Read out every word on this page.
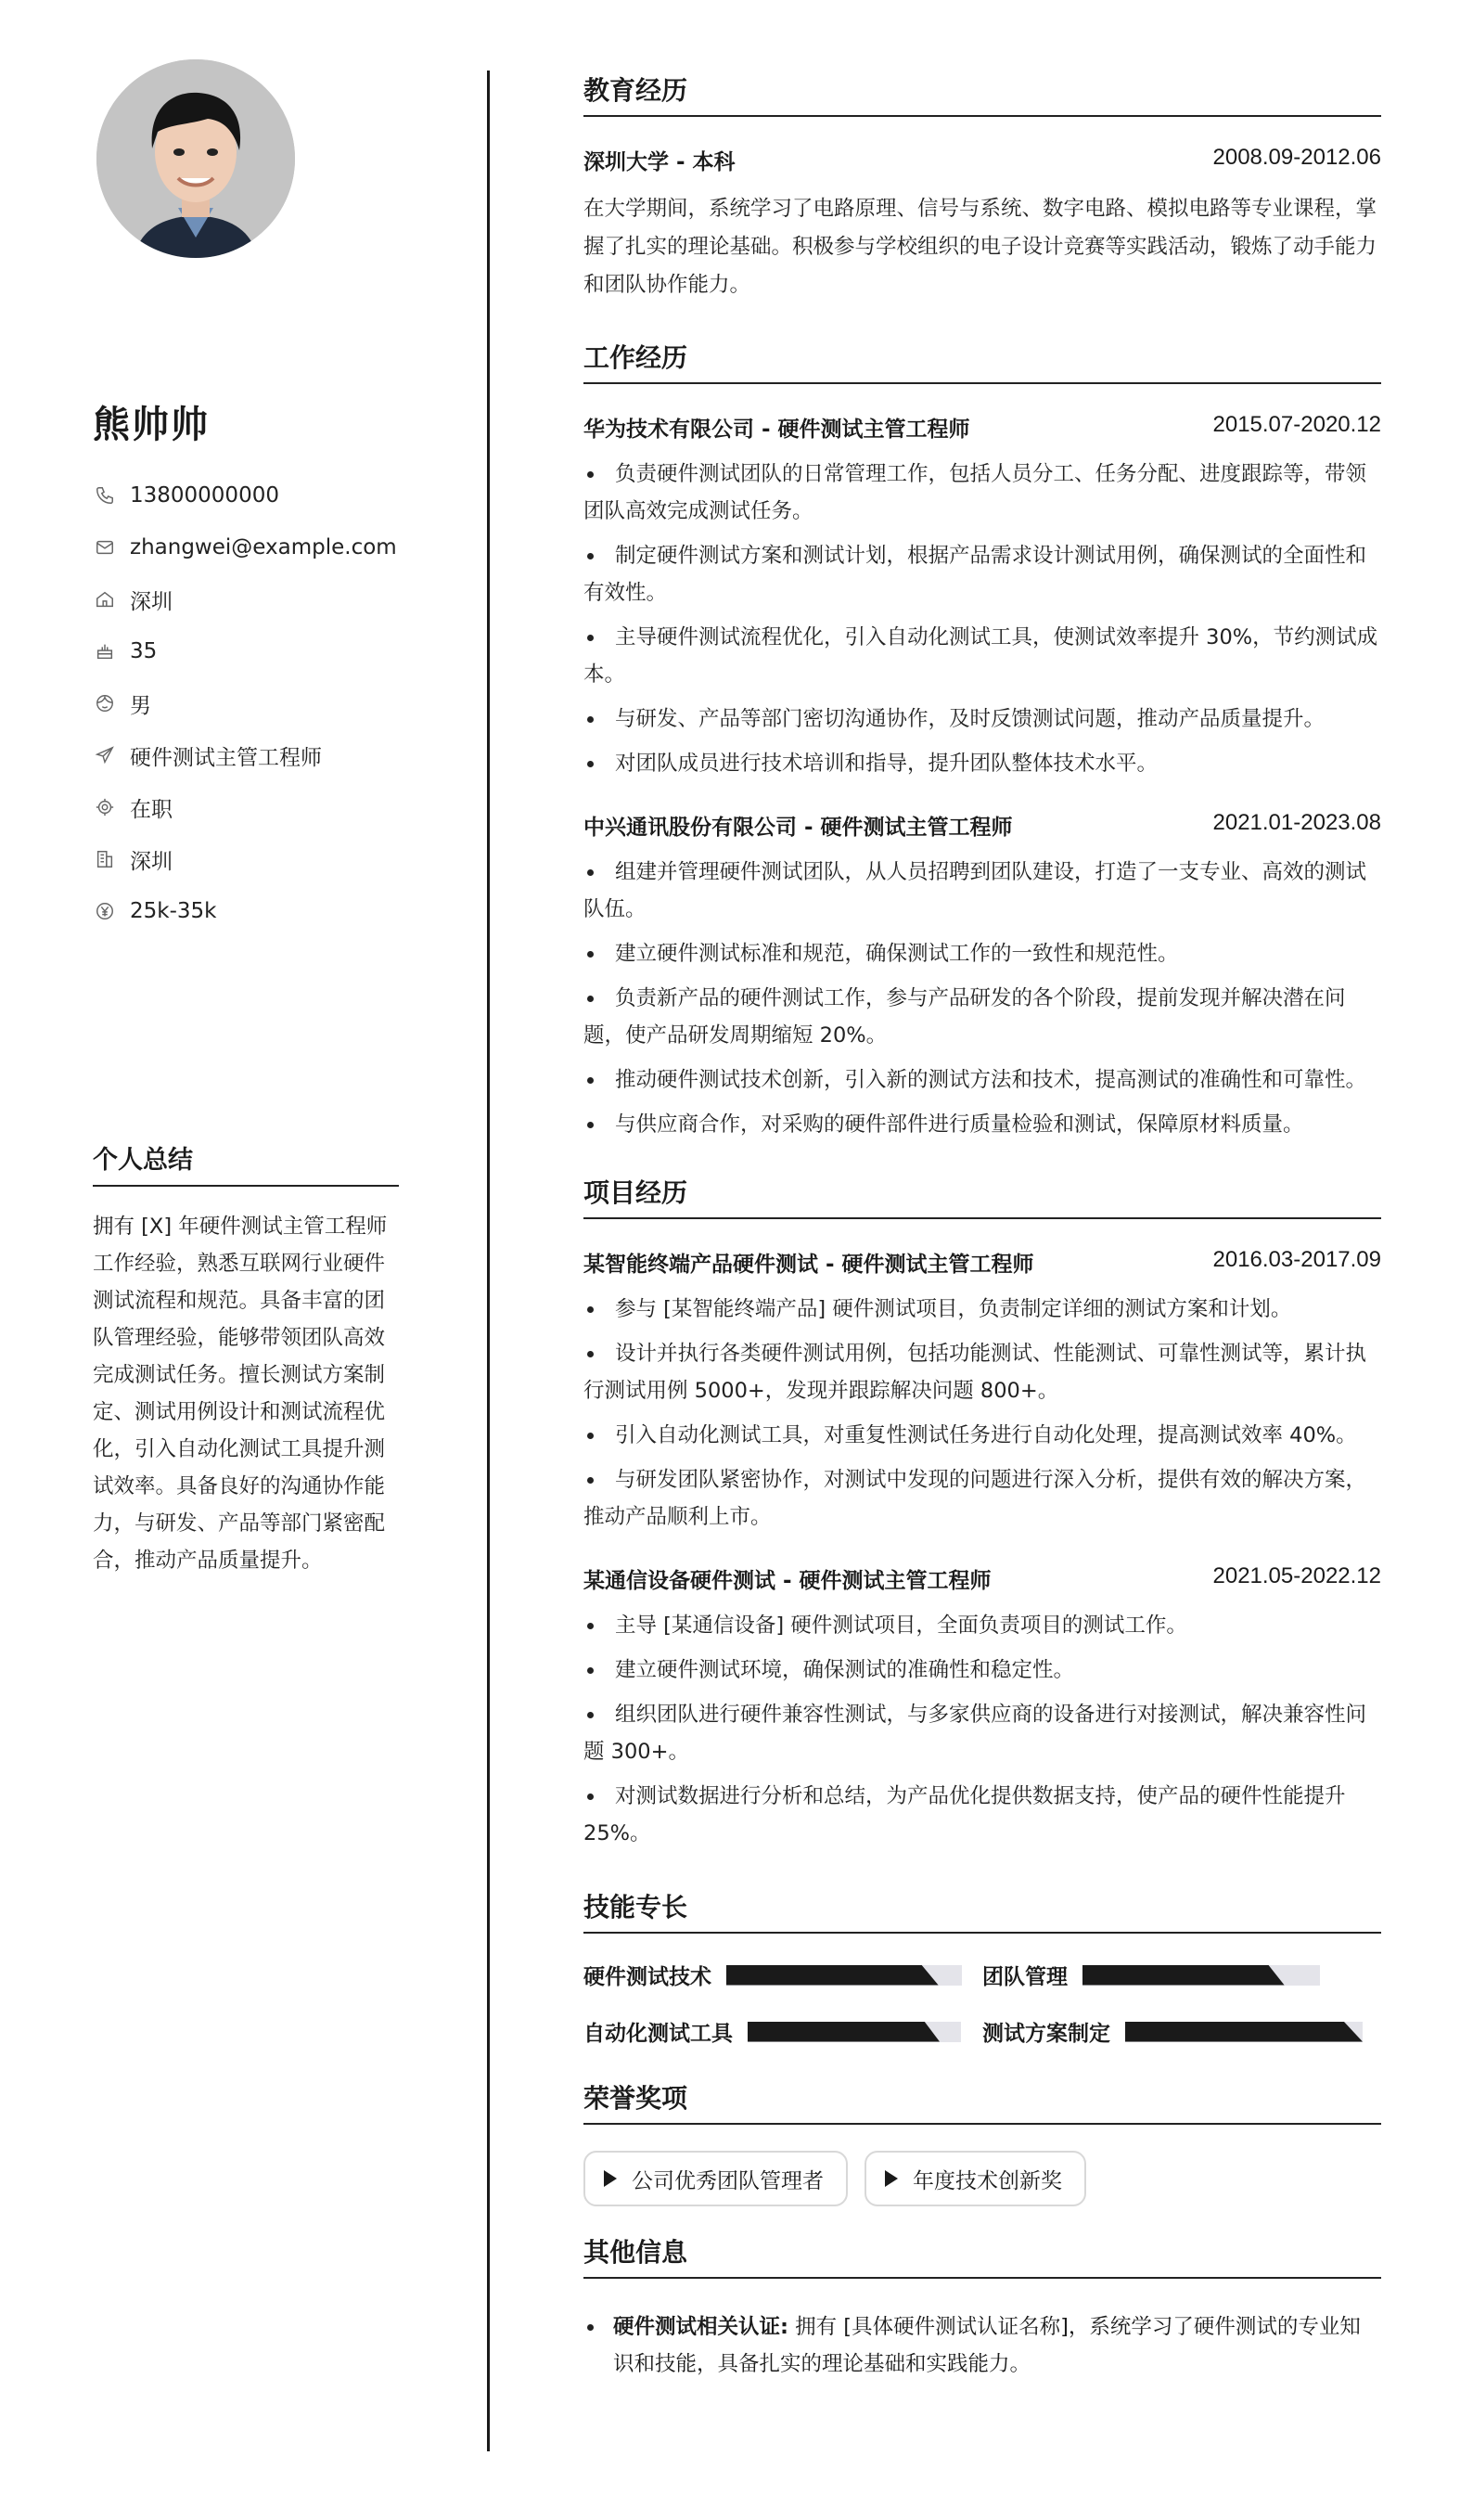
熊帅帅
13800000000
zhangwei@example.com
深圳
35
男
硬件测试主管工程师
在职
深圳
25k-35k
个人总结
拥有 [X] 年硬件测试主管工程师工作经验，熟悉互联网行业硬件测试流程和规范。具备丰富的团队管理经验，能够带领团队高效完成测试任务。擅长测试方案制定、测试用例设计和测试流程优化，引入自动化测试工具提升测试效率。具备良好的沟通协作能力，与研发、产品等部门紧密配合，推动产品质量提升。
教育经历
深圳大学 - 本科	2008.09-2012.06
在大学期间，系统学习了电路原理、信号与系统、数字电路、模拟电路等专业课程，掌握了扎实的理论基础。积极参与学校组织的电子设计竞赛等实践活动，锻炼了动手能力和团队协作能力。
工作经历
华为技术有限公司 - 硬件测试主管工程师	2015.07-2020.12
负责硬件测试团队的日常管理工作，包括人员分工、任务分配、进度跟踪等，带领团队高效完成测试任务。
制定硬件测试方案和测试计划，根据产品需求设计测试用例，确保测试的全面性和有效性。
主导硬件测试流程优化，引入自动化测试工具，使测试效率提升 30%，节约测试成本。
与研发、产品等部门密切沟通协作，及时反馈测试问题，推动产品质量提升。
对团队成员进行技术培训和指导，提升团队整体技术水平。
中兴通讯股份有限公司 - 硬件测试主管工程师	2021.01-2023.08
组建并管理硬件测试团队，从人员招聘到团队建设，打造了一支专业、高效的测试队伍。
建立硬件测试标准和规范，确保测试工作的一致性和规范性。
负责新产品的硬件测试工作，参与产品研发的各个阶段，提前发现并解决潜在问题，使产品研发周期缩短 20%。
推动硬件测试技术创新，引入新的测试方法和技术，提高测试的准确性和可靠性。
与供应商合作，对采购的硬件部件进行质量检验和测试，保障原材料质量。
项目经历
某智能终端产品硬件测试 - 硬件测试主管工程师	2016.03-2017.09
参与 [某智能终端产品] 硬件测试项目，负责制定详细的测试方案和计划。
设计并执行各类硬件测试用例，包括功能测试、性能测试、可靠性测试等，累计执行测试用例 5000+，发现并跟踪解决问题 800+。
引入自动化测试工具，对重复性测试任务进行自动化处理，提高测试效率 40%。
与研发团队紧密协作，对测试中发现的问题进行深入分析，提供有效的解决方案，推动产品顺利上市。
某通信设备硬件测试 - 硬件测试主管工程师	2021.05-2022.12
主导 [某通信设备] 硬件测试项目，全面负责项目的测试工作。
建立硬件测试环境，确保测试的准确性和稳定性。
组织团队进行硬件兼容性测试，与多家供应商的设备进行对接测试，解决兼容性问题 300+。
对测试数据进行分析和总结，为产品优化提供数据支持，使产品的硬件性能提升 25%。
技能专长
硬件测试技术	团队管理
自动化测试工具	测试方案制定
荣誉奖项
公司优秀团队管理者	年度技术创新奖
其他信息
硬件测试相关认证: 拥有 [具体硬件测试认证名称]，系统学习了硬件测试的专业知识和技能，具备扎实的理论基础和实践能力。
